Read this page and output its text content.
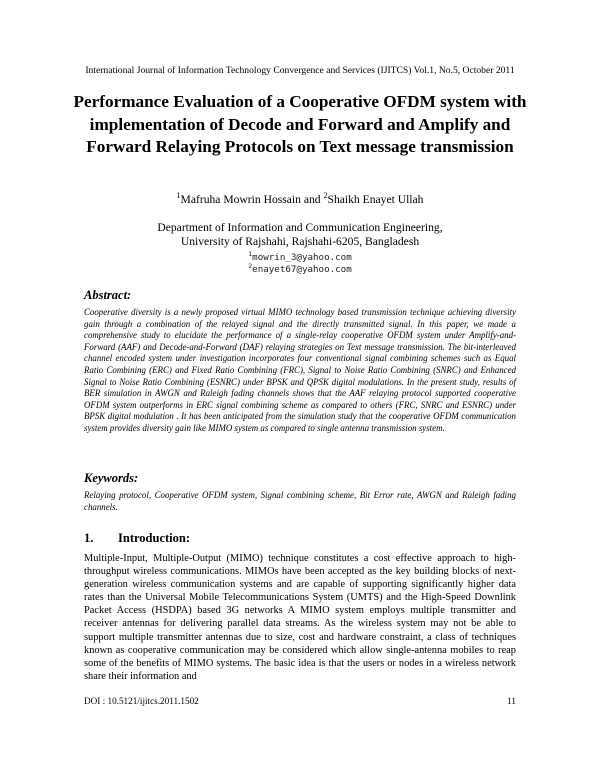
International Journal of Information Technology Convergence and Services (IJITCS) Vol.1, No.5, October 2011
Performance Evaluation of a Cooperative OFDM system with implementation of Decode and Forward and Amplify and Forward Relaying Protocols on Text message transmission
$^1$Mafruha Mowrin Hossain and $^2$Shaikh Enayet Ullah
Department of Information and Communication Engineering,
University of Rajshahi, Rajshahi-6205, Bangladesh
$^1$mowrin_3@yahoo.com
$^2$enayet67@yahoo.com
Abstract:
Cooperative diversity is a newly proposed virtual MIMO technology based transmission technique achieving diversity gain through a combination of the relayed signal and the directly transmitted signal. In this paper, we made a comprehensive study to elucidate the performance of a single-relay cooperative OFDM system under Amplify-and-Forward (AAF) and Decode-and-Forward (DAF) relaying strategies on Text message transmission. The bit-interleaved channel encoded system under investigation incorporates four conventional signal combining schemes such as Equal Ratio Combining (ERC) and Fixed Ratio Combining (FRC), Signal to Noise Ratio Combining (SNRC) and Enhanced Signal to Noise Ratio Combining (ESNRC) under BPSK and QPSK digital modulations. In the present study, results of BER simulation in AWGN and Raleigh fading channels shows that the AAF relaying protocol supported cooperative OFDM system outperforms in ERC signal combining scheme as compared to others (FRC, SNRC and ESNRC) under BPSK digital modulation . It has been anticipated from the simulation study that the cooperative OFDM communication system provides diversity gain like MIMO system as compared to single antenna transmission system.
Keywords:
Relaying protocol, Cooperative OFDM system, Signal combining scheme, Bit Error rate, AWGN and Raleigh fading channels.
1. Introduction:
Multiple-Input, Multiple-Output (MIMO) technique constitutes a cost effective approach to high-throughput wireless communications. MIMOs have been accepted as the key building blocks of next-generation wireless communication systems and are capable of supporting significantly higher data rates than the Universal Mobile Telecommunications System (UMTS) and the High-Speed Downlink Packet Access (HSDPA) based 3G networks A MIMO system employs multiple transmitter and receiver antennas for delivering parallel data streams. As the wireless system may not be able to support multiple transmitter antennas due to size, cost and hardware constraint, a class of techniques known as cooperative communication may be considered which allow single-antenna mobiles to reap some of the benefits of MIMO systems. The basic idea is that the users or nodes in a wireless network share their information and
DOI : 10.5121/ijitcs.2011.1502	11
